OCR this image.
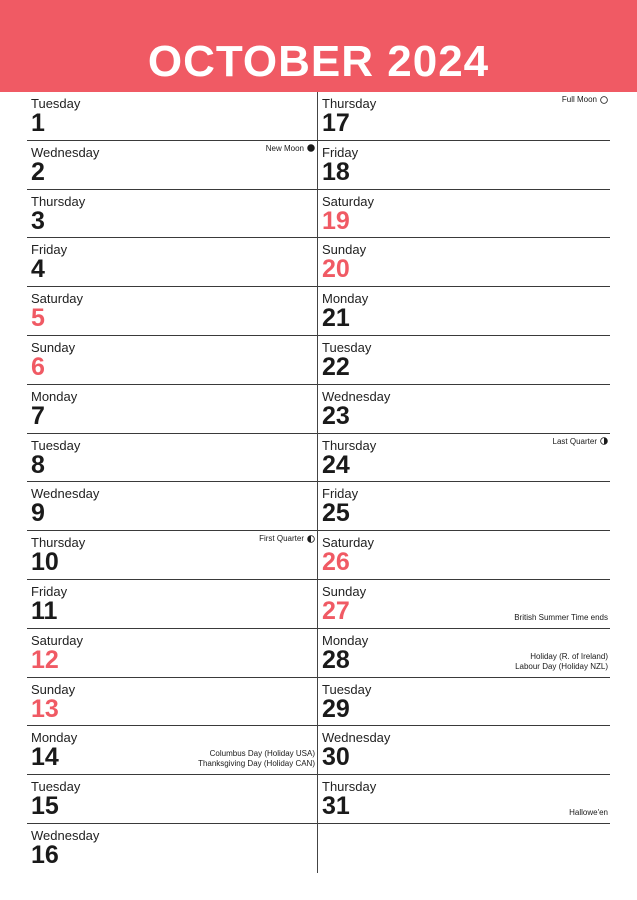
OCTOBER 2024
Tuesday
1
Wednesday
2
New Moon
Thursday
3
Friday
4
Saturday
5
Sunday
6
Monday
7
Tuesday
8
Wednesday
9
Thursday
10
First Quarter
Friday
11
Saturday
12
Sunday
13
Monday
14	Columbus Day (Holiday USA)
Thanksgiving Day (Holiday CAN)
Tuesday
15
Wednesday
16
Thursday
17
Full Moon
Friday
18
Saturday
19
Sunday
20
Monday
21
Tuesday
22
Wednesday
23
Thursday
24
Last Quarter
Friday
25
Saturday
26
Sunday
27	British Summer Time ends
Monday
28	Holiday (R. of Ireland)
Labour Day (Holiday NZL)
Tuesday
29
Wednesday
30
Thursday
31	Hallowe'en
